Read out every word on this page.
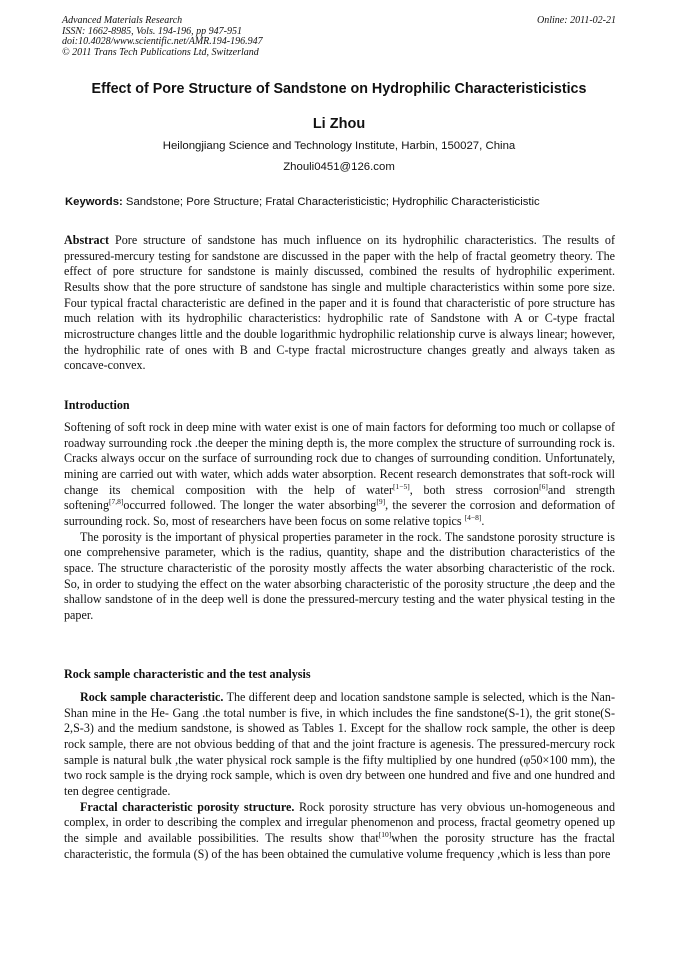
Advanced Materials Research
ISSN: 1662-8985, Vols. 194-196, pp 947-951
doi:10.4028/www.scientific.net/AMR.194-196.947
© 2011 Trans Tech Publications Ltd, Switzerland
Online: 2011-02-21
Effect of Pore Structure of Sandstone on Hydrophilic Characteristicistics
Li Zhou
Heilongjiang Science and Technology Institute, Harbin, 150027, China
Zhouli0451@126.com
Keywords: Sandstone; Pore Structure; Fratal Characteristicistic; Hydrophilic Characteristicistic

Abstract Pore structure of sandstone has much influence on its hydrophilic characteristics. The results of pressured-mercury testing for sandstone are discussed in the paper with the help of fractal geometry theory. The effect of pore structure for sandstone is mainly discussed, combined the results of hydrophilic experiment. Results show that the pore structure of sandstone has single and multiple characteristics within some pore size. Four typical fractal characteristic are defined in the paper and it is found that characteristic of pore structure has much relation with its hydrophilic characteristics: hydrophilic rate of Sandstone with A or C-type fractal microstructure changes little and the double logarithmic hydrophilic relationship curve is always linear; however, the hydrophilic rate of ones with B and C-type fractal microstructure changes greatly and always taken as concave-convex.

Introduction

Softening of soft rock in deep mine with water exist is one of main factors for deforming too much or collapse of roadway surrounding rock .the deeper the mining depth is, the more complex the structure of surrounding rock is. Cracks always occur on the surface of surrounding rock due to changes of surrounding condition. Unfortunately, mining are carried out with water, which adds water absorption. Recent research demonstrates that soft-rock will change its chemical composition with the help of water[1−5], both stress corrosion[6]and strength softening[7,8]occurred followed. The longer the water absorbing[9], the severer the corrosion and deformation of surrounding rock. So, most of researchers have been focus on some relative topics [4−8].

The porosity is the important of physical properties parameter in the rock. The sandstone porosity structure is one comprehensive parameter, which is the radius, quantity, shape and the distribution characteristics of the space. The structure characteristic of the porosity mostly affects the water absorbing characteristic of the rock. So, in order to studying the effect on the water absorbing characteristic of the porosity structure ,the deep and the shallow sandstone of in the deep well is done the pressured-mercury testing and the water physical testing in the paper.

Rock sample characteristic and the test analysis

Rock sample characteristic. The different deep and location sandstone sample is selected, which is the Nan-Shan mine in the He- Gang .the total number is five, in which includes the fine sandstone(S-1), the grit stone(S-2,S-3) and the medium sandstone, is showed as Tables 1. Except for the shallow rock sample, the other is deep rock sample, there are not obvious bedding of that and the joint fracture is agenesis. The pressured-mercury rock sample is natural bulk ,the water physical rock sample is the fifty multiplied by one hundred (φ50×100 mm), the two rock sample is the drying rock sample, which is oven dry between one hundred and five and one hundred and ten degree centigrade.

Fractal characteristic porosity structure. Rock porosity structure has very obvious un-homogeneous and complex, in order to describing the complex and irregular phenomenon and process, fractal geometry opened up the simple and available possibilities. The results show that[10]when the porosity structure has the fractal characteristic, the formula (S) of the has been obtained the cumulative volume frequency ,which is less than pore
